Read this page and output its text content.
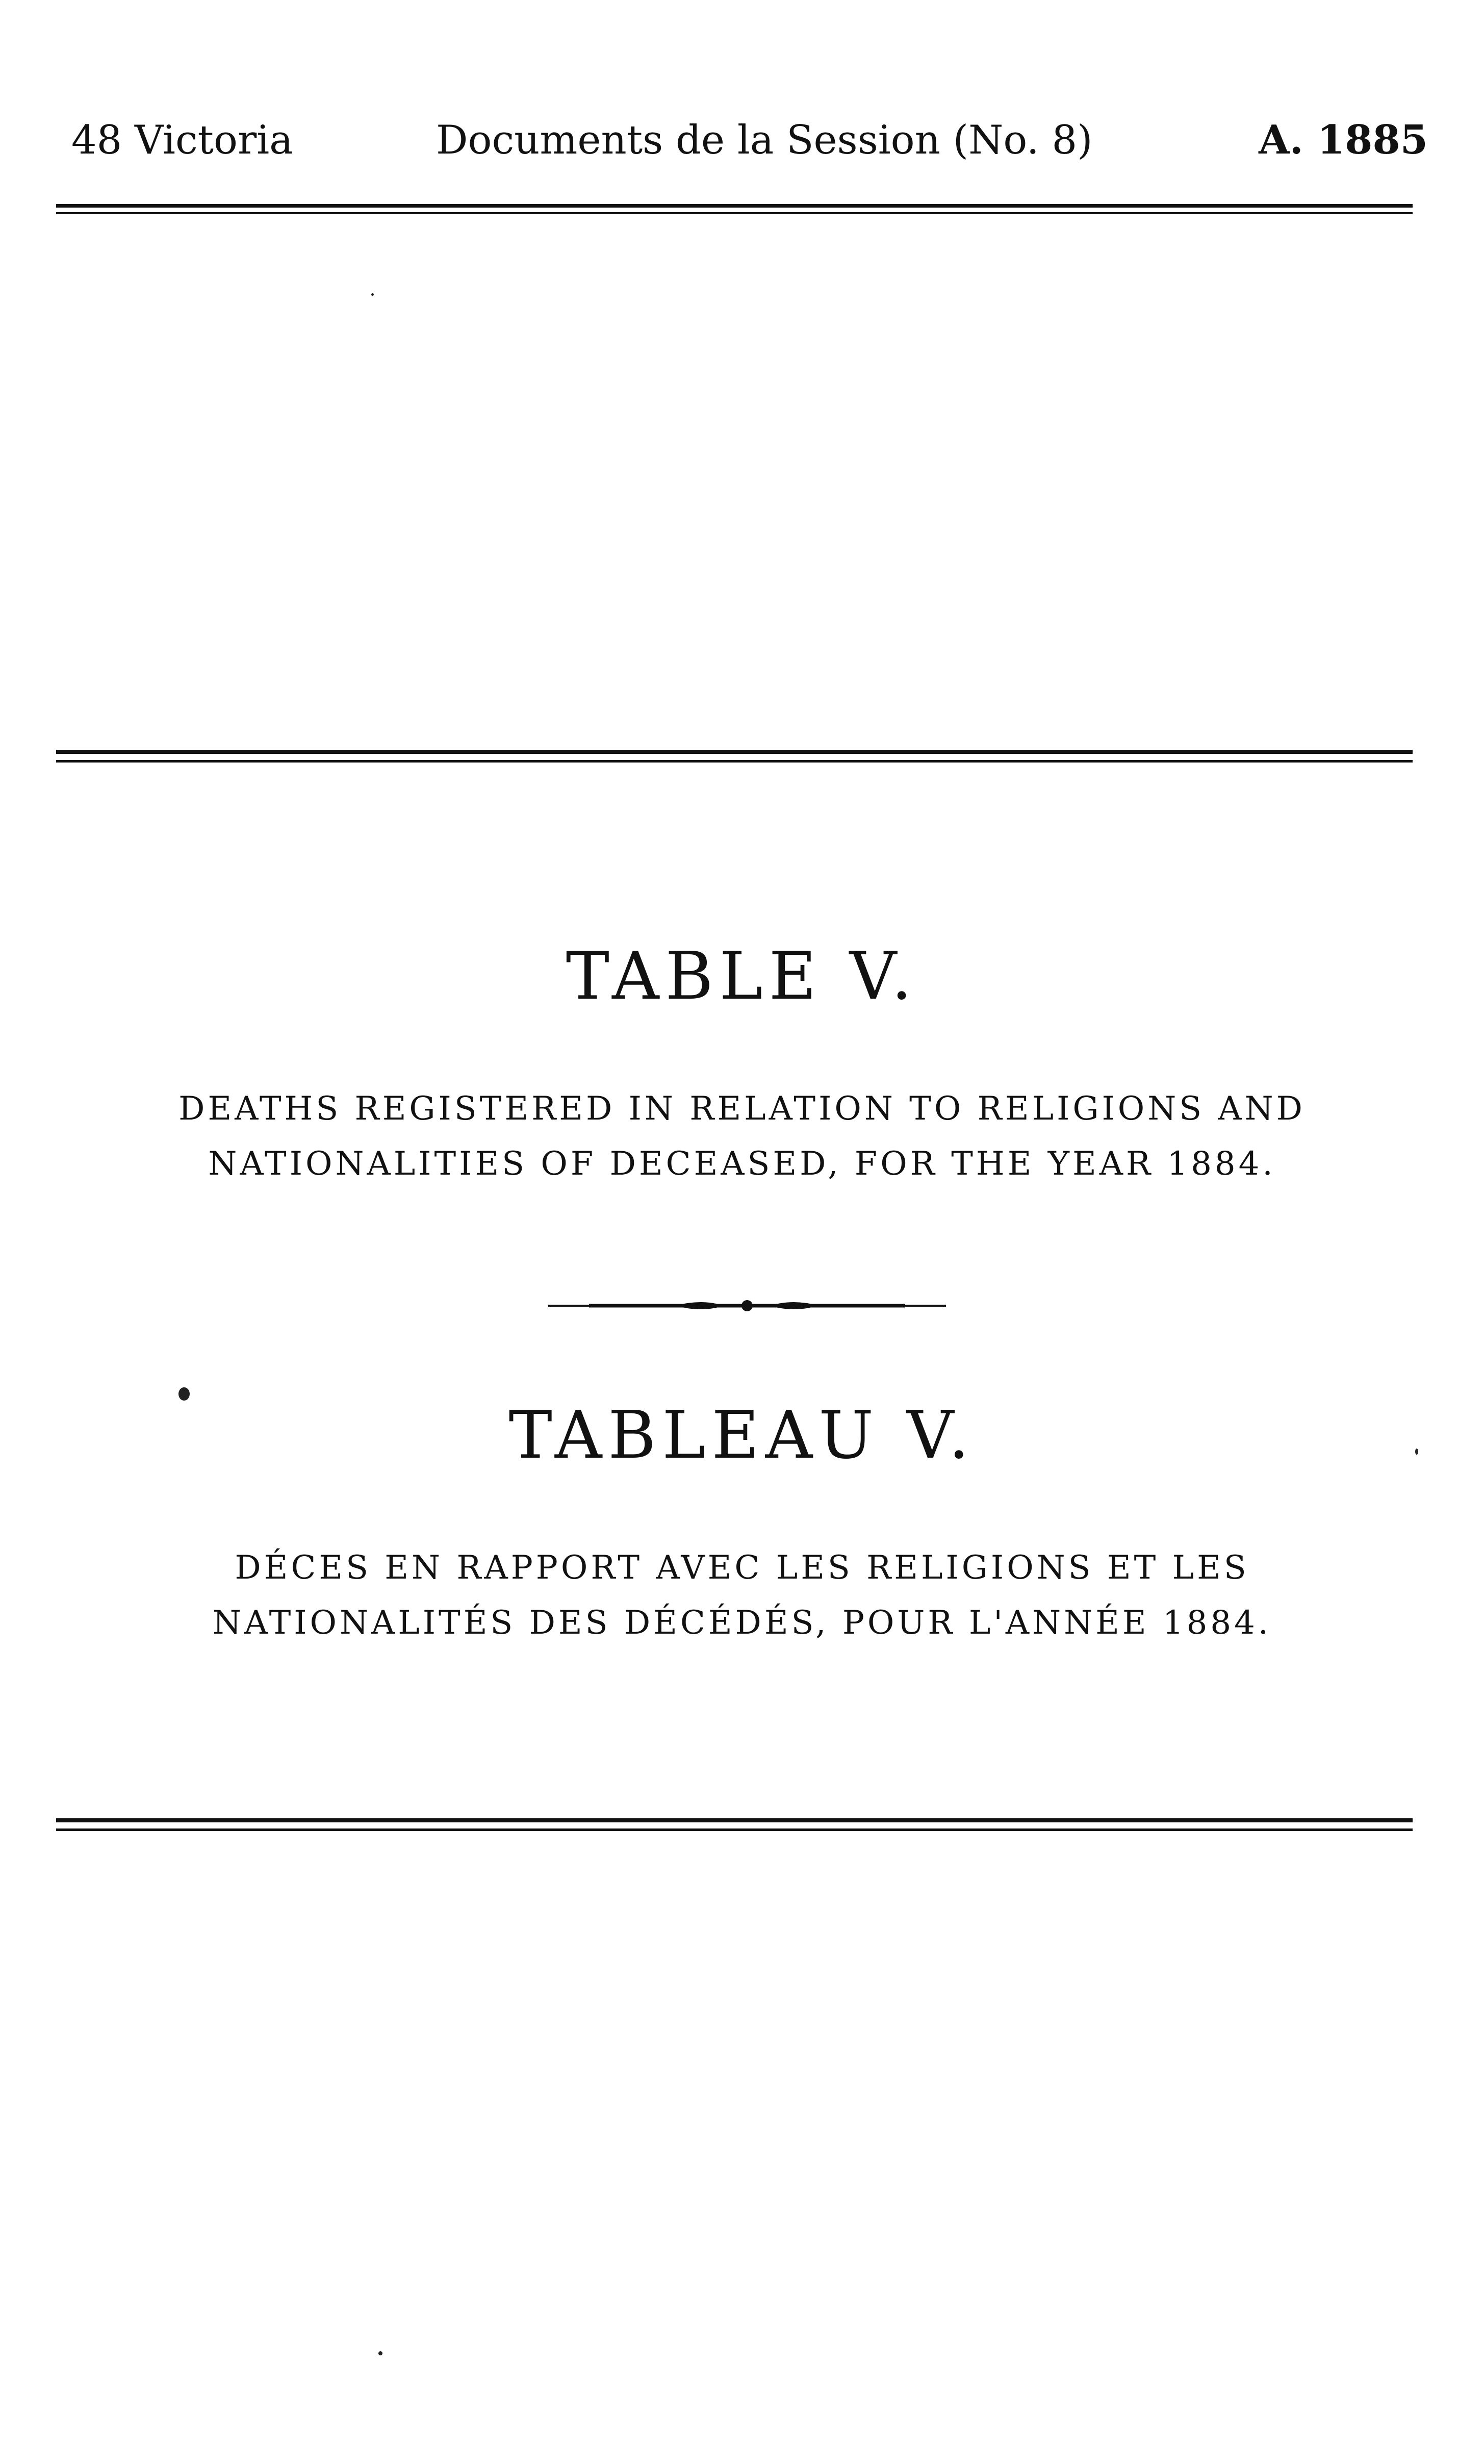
48 Victoria	Documents de la Session (No. 8)	A. 1885
TABLE V.
DEATHS REGISTERED IN RELATION TO RELIGIONS AND
NATIONALITIES OF DECEASED, FOR THE YEAR 1884.
TABLEAU V.
DÉCES EN RAPPORT AVEC LES RELIGIONS ET LES
NATIONALITÉS DES DÉCÉDÉS, POUR L'ANNÉE 1884.
